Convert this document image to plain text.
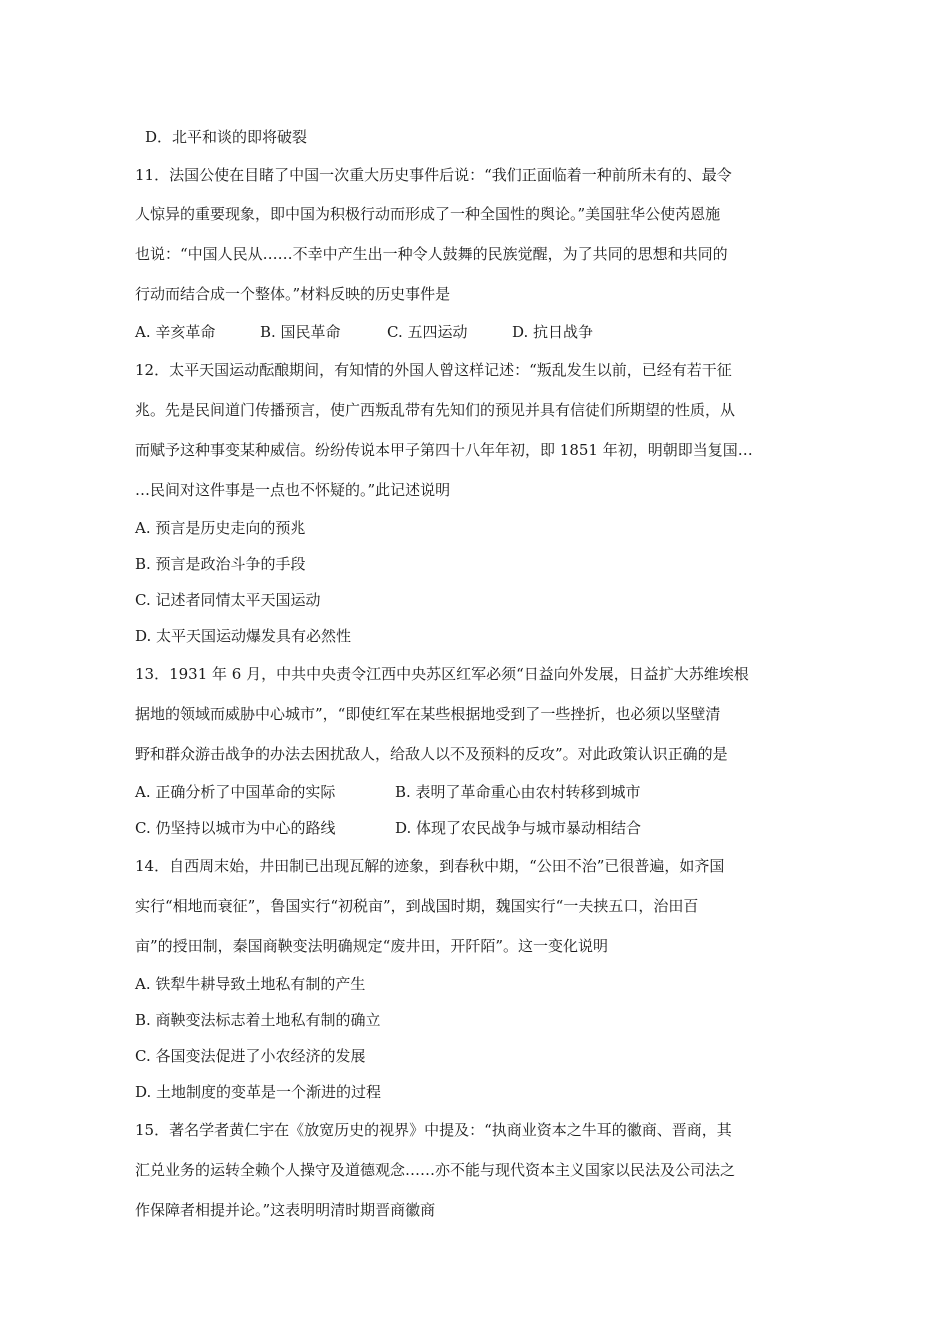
D．北平和谈的即将破裂
11．法国公使在目睹了中国一次重大历史事件后说：“我们正面临着一种前所未有的、最令
人惊异的重要现象，即中国为积极行动而形成了一种全国性的舆论。”美国驻华公使芮恩施
也说：“中国人民从……不幸中产生出一种令人鼓舞的民族觉醒，为了共同的思想和共同的
行动而结合成一个整体。”材料反映的历史事件是
A. 辛亥革命	B. 国民革命	C. 五四运动	D. 抗日战争
12．太平天国运动酝酿期间，有知情的外国人曾这样记述：“叛乱发生以前，已经有若干征
兆。先是民间道门传播预言，使广西叛乱带有先知们的预见并具有信徒们所期望的性质，从
而赋予这种事变某种威信。纷纷传说本甲子第四十八年年初，即 1851 年初，明朝即当复国…
…民间对这件事是一点也不怀疑的。”此记述说明
A. 预言是历史走向的预兆
B. 预言是政治斗争的手段
C. 记述者同情太平天国运动
D. 太平天国运动爆发具有必然性
13．1931 年 6 月，中共中央责令江西中央苏区红军必须“日益向外发展，日益扩大苏维埃根
据地的领域而威胁中心城市”，“即使红军在某些根据地受到了一些挫折，也必须以坚壁清
野和群众游击战争的办法去困扰敌人，给敌人以不及预料的反攻”。对此政策认识正确的是
A. 正确分析了中国革命的实际	B. 表明了革命重心由农村转移到城市
C. 仍坚持以城市为中心的路线	D. 体现了农民战争与城市暴动相结合
14．自西周末始，井田制已出现瓦解的迹象，到春秋中期，“公田不治”已很普遍，如齐国
实行“相地而衰征”，鲁国实行“初税亩”，到战国时期，魏国实行“一夫挟五口，治田百
亩”的授田制，秦国商鞅变法明确规定“废井田，开阡陌”。这一变化说明
A. 铁犁牛耕导致土地私有制的产生
B. 商鞅变法标志着土地私有制的确立
C. 各国变法促进了小农经济的发展
D. 土地制度的变革是一个渐进的过程
15．著名学者黄仁宇在《放宽历史的视界》中提及：“执商业资本之牛耳的徽商、晋商，其
汇兑业务的运转全赖个人操守及道德观念……亦不能与现代资本主义国家以民法及公司法之
作保障者相提并论。”这表明明清时期晋商徽商
